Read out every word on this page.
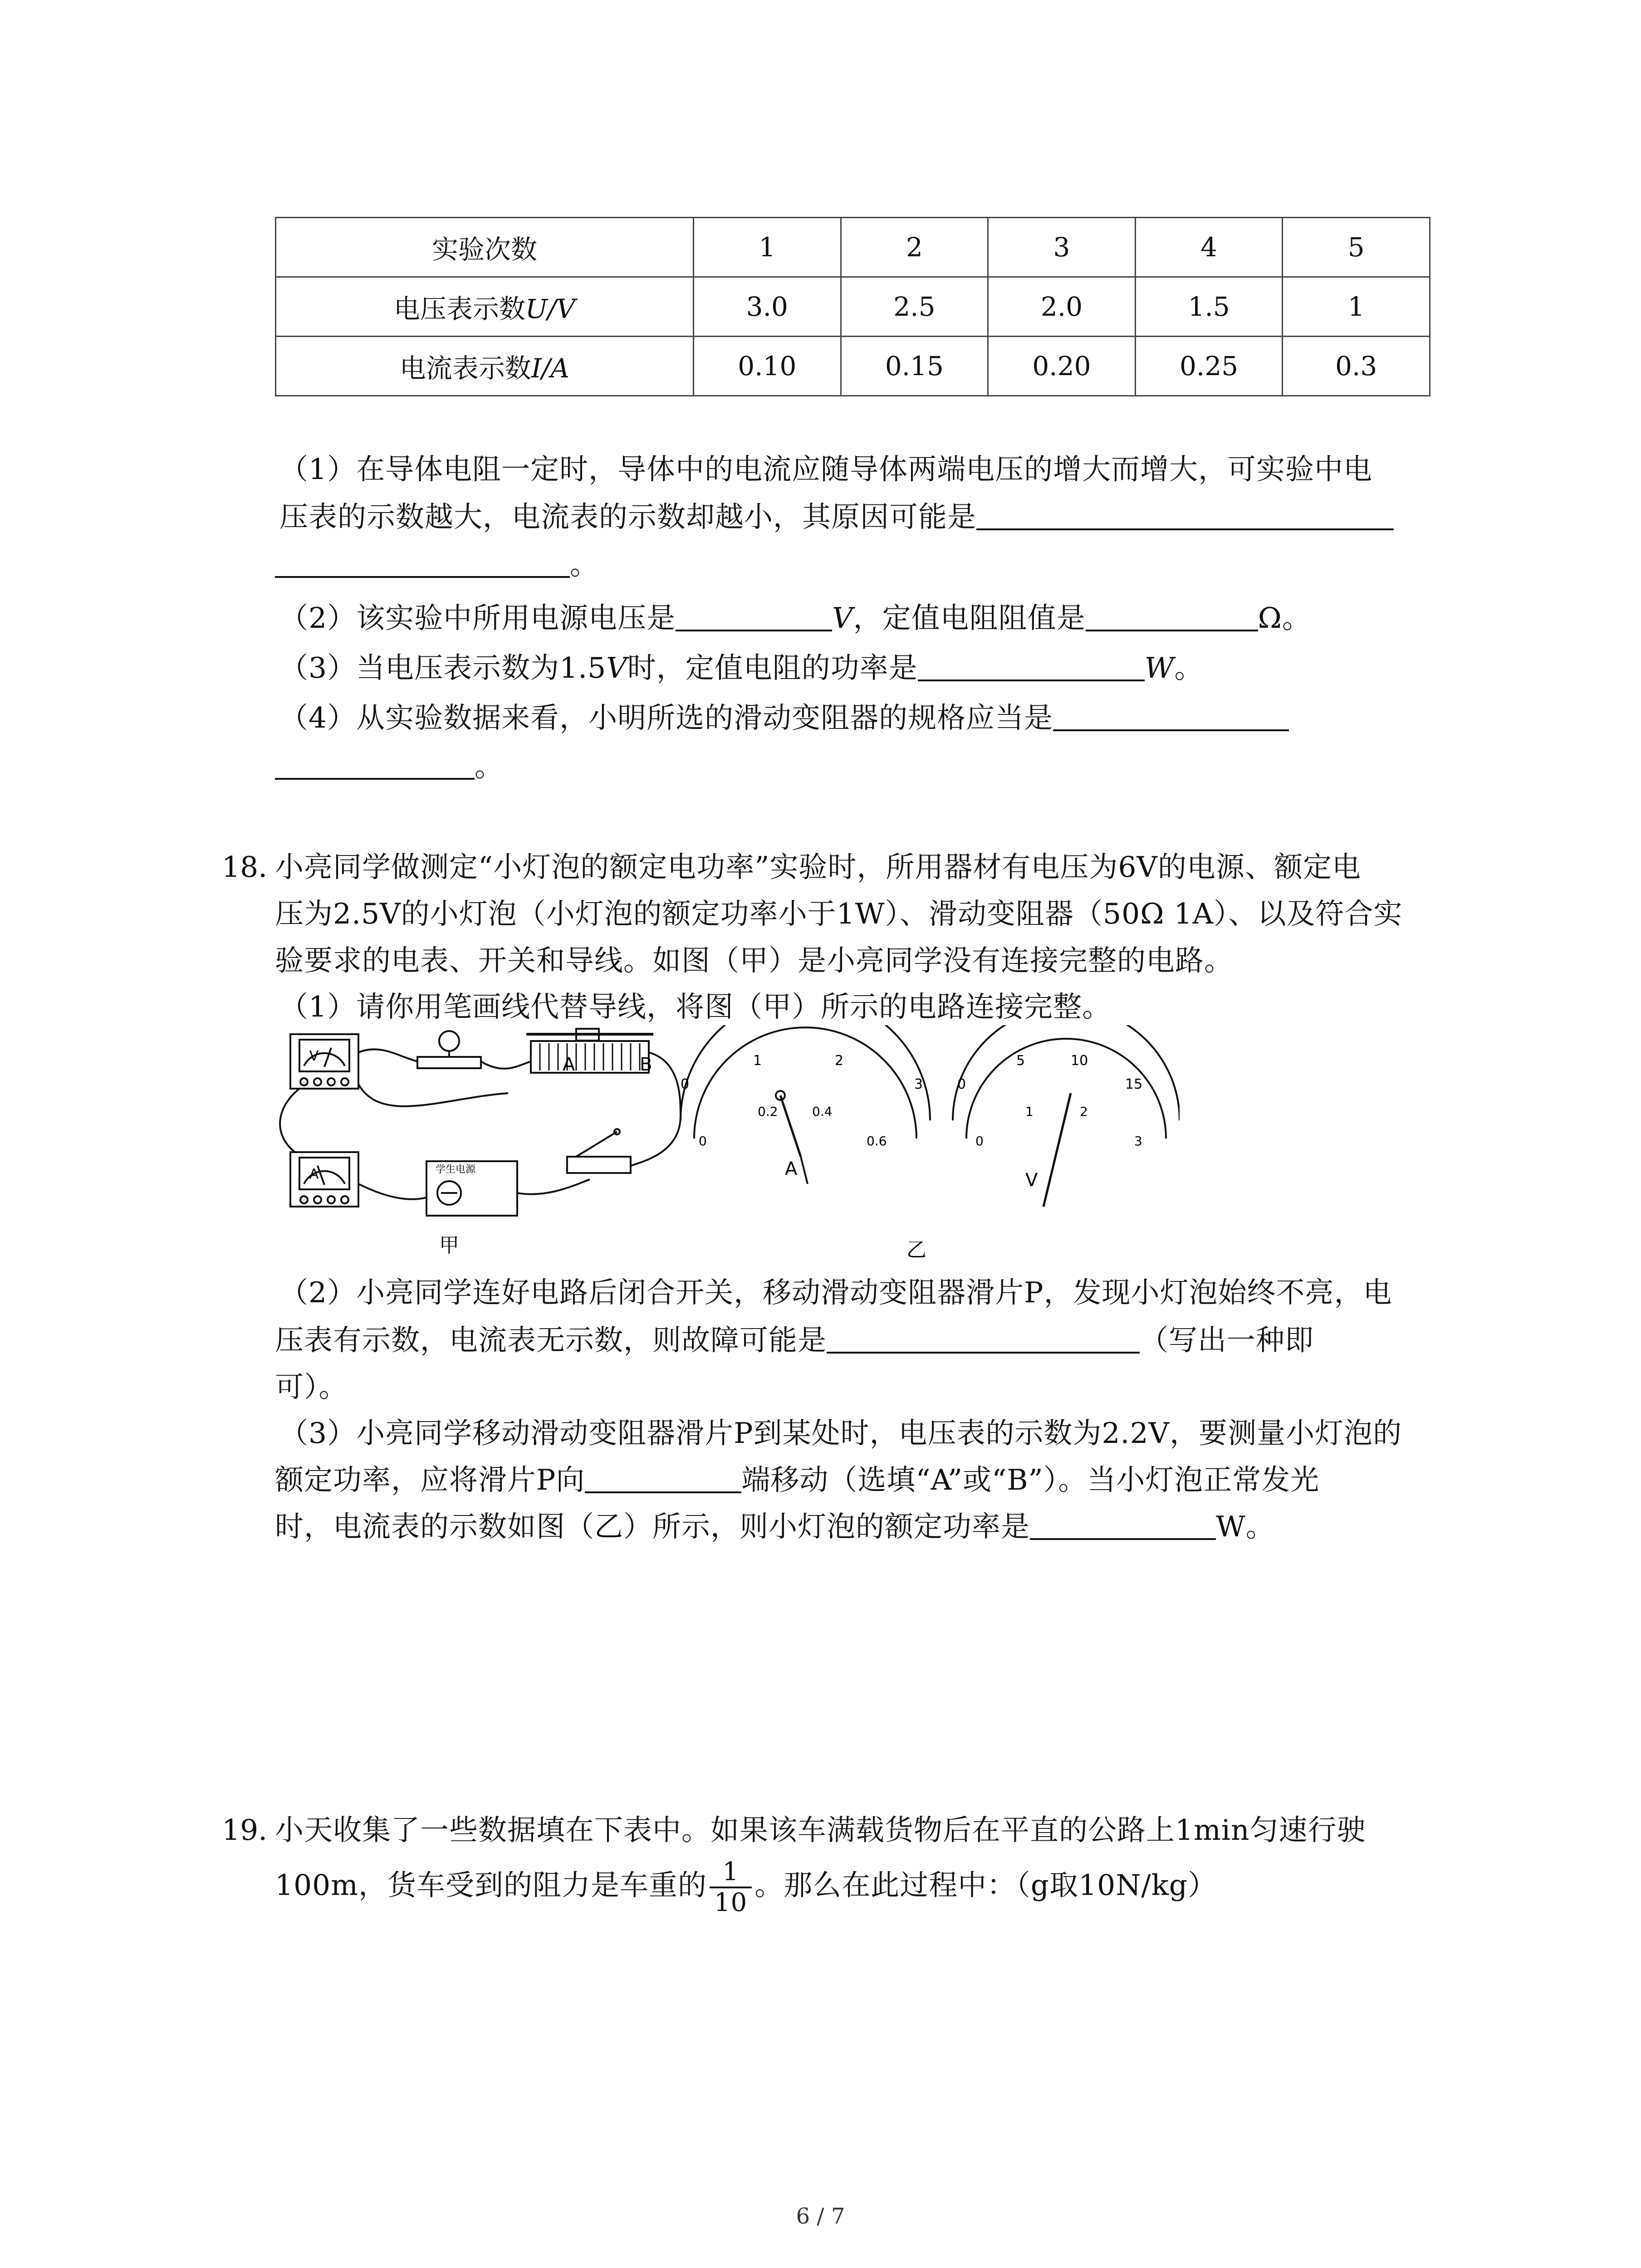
实验次数	1	2	3	4	5
电压表示数U/V	3.0	2.5	2.0	1.5	1
电流表示数I/A	0.10	0.15	0.20	0.25	0.3
（1）在导体电阻一定时，导体中的电流应随导体两端电压的增大而增大，可实验中电
压表的示数越大，电流表的示数却越小，其原因可能是
。
（2）该实验中所用电源电压是	V，定值电阻阻值是	Ω。
（3）当电压表示数为1.5V时，定值电阻的功率是	W。
（4）从实验数据来看，小明所选的滑动变阻器的规格应当是
。
18. 小亮同学做测定“小灯泡的额定电功率”实验时，所用器材有电压为6V的电源、额定电
压为2.5V的小灯泡（小灯泡的额定功率小于1W）、滑动变阻器（50Ω 1A）、以及符合实
验要求的电表、开关和导线。如图（甲）是小亮同学没有连接完整的电路。
（1）请你用笔画线代替导线，将图（甲）所示的电路连接完整。
V
A
A	B
学生电源
甲
0
1	2
3
0
0.2	0.4
0.6
A
0
5	10
15
0
1	2
3
V
乙
（2）小亮同学连好电路后闭合开关，移动滑动变阻器滑片P，发现小灯泡始终不亮，电
压表有示数，电流表无示数，则故障可能是	（写出一种即
可）。
（3）小亮同学移动滑动变阻器滑片P到某处时，电压表的示数为2.2V，要测量小灯泡的
额定功率，应将滑片P向	端移动（选填“A”或“B”）。当小灯泡正常发光
时，电流表的示数如图（乙）所示，则小灯泡的额定功率是	W。
19. 小天收集了一些数据填在下表中。如果该车满载货物后在平直的公路上1min匀速行驶
100m，货车受到的阻力是车重的 $\frac{1}{10}$ 。那么在此过程中：（g取10N/kg）
6 / 7
